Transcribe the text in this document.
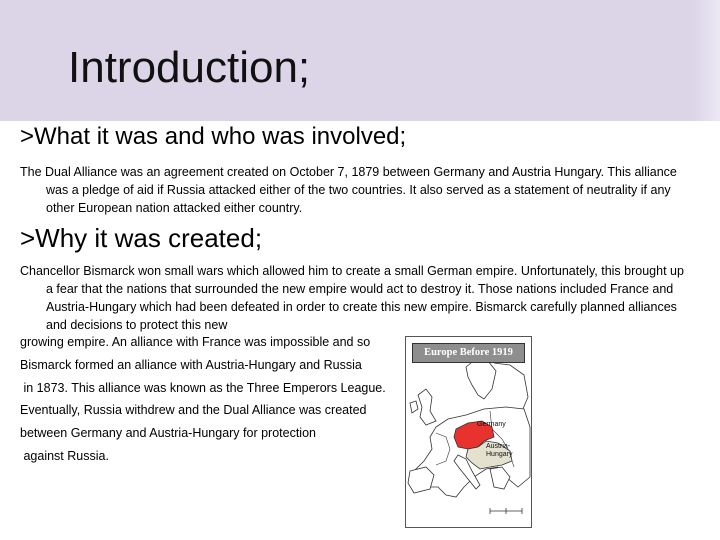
Introduction;
>What it was and who was involved;

The Dual Alliance was an agreement created on October 7, 1879 between Germany and Austria Hungary. This alliance was a pledge of aid if Russia attacked either of the two countries. It also served as a statement of neutrality if any other European nation attacked either country.

>Why it was created;

Chancellor Bismarck won small wars which allowed him to create a small German empire. Unfortunately, this brought up a fear that the nations that surrounded the new empire would act to destroy it. Those nations included France and Austria-Hungary which had been defeated in order to create this new empire. Bismarck carefully planned alliances and decisions to protect this new

growing empire. An alliance with France was impossible and so

Bismarck formed an alliance with Austria-Hungary and Russia

in 1873. This alliance was known as the Three Emperors League.

Eventually, Russia withdrew and the Dual Alliance was created

between Germany and Austria-Hungary for protection

against Russia.

Europe Before 1919
Germany
Austria-Hungary
